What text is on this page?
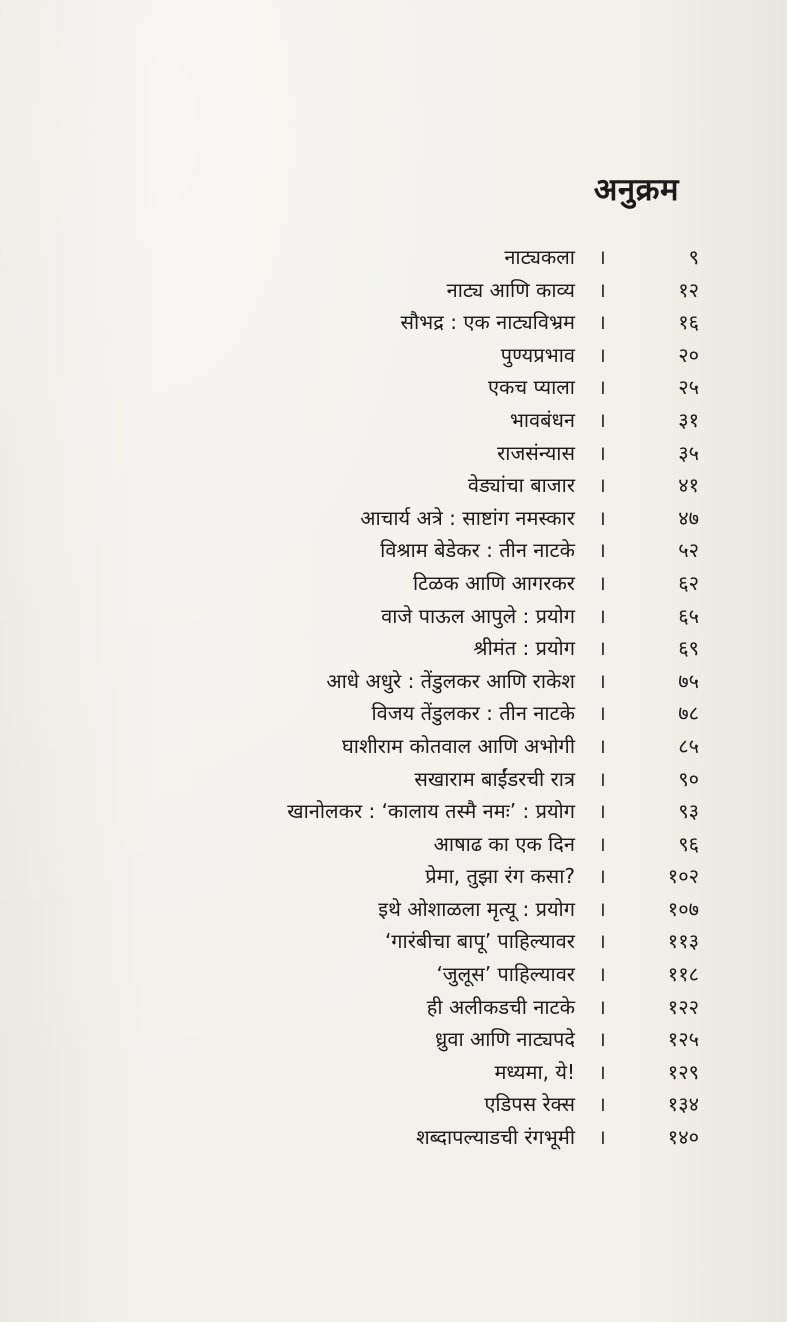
अनुक्रम
नाट्यकला ।	९
नाट्य आणि काव्य ।	१२
सौभद्र : एक नाट्यविभ्रम ।	१६
पुण्यप्रभाव ।	२०
एकच प्याला ।	२५
भावबंधन ।	३१
राजसंन्यास ।	३५
वेड्यांचा बाजार ।	४१
आचार्य अत्रे : साष्टांग नमस्कार ।	४७
विश्राम बेडेकर : तीन नाटके ।	५२
टिळक आणि आगरकर ।	६२
वाजे पाऊल आपुले : प्रयोग ।	६५
श्रीमंत : प्रयोग ।	६९
आधे अधुरे : तेंडुलकर आणि राकेश ।	७५
विजय तेंडुलकर : तीन नाटके ।	७८
घाशीराम कोतवाल आणि अभोगी ।	८५
सखाराम बाईंडरची रात्र ।	९०
खानोलकर : ‘कालाय तस्मै नमः’ : प्रयोग ।	९३
आषाढ का एक दिन ।	९६
प्रेमा, तुझा रंग कसा? ।	१०२
इथे ओशाळला मृत्यू : प्रयोग ।	१०७
‘गारंबीचा बापू’ पाहिल्यावर ।	११३
‘जुलूस’ पाहिल्यावर ।	११८
ही अलीकडची नाटके ।	१२२
ध्रुवा आणि नाट्यपदे ।	१२५
मध्यमा, ये! ।	१२९
एडिपस रेक्स ।	१३४
शब्दापल्याडची रंगभूमी ।	१४०
